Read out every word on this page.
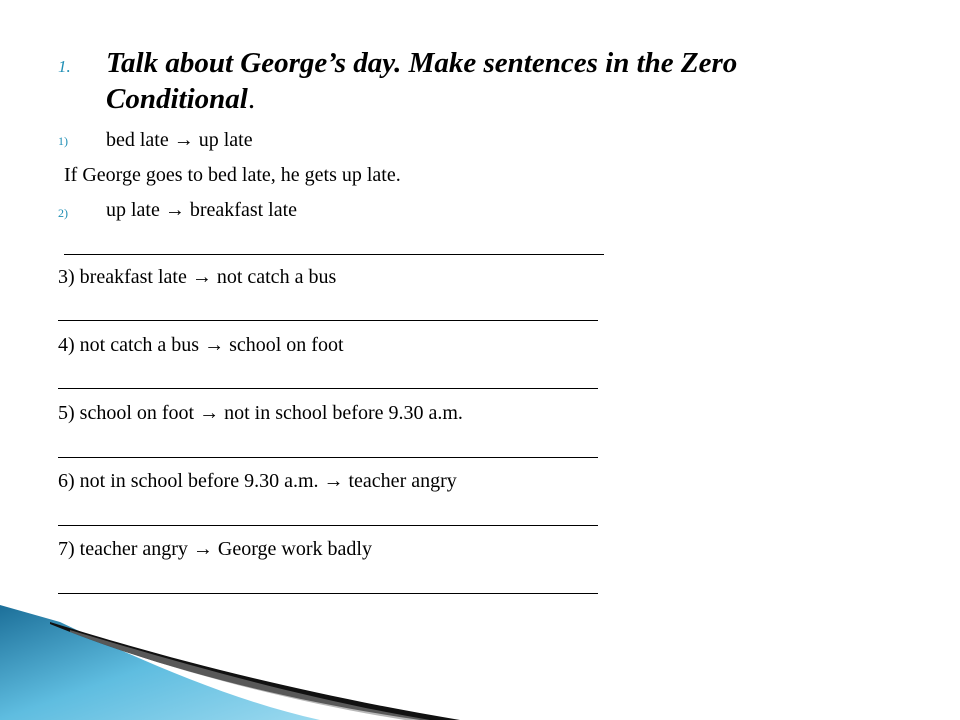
1. Talk about George’s day. Make sentences in the Zero Conditional.
1) bed late → up late
If George goes to bed late, he gets up late.
2) up late → breakfast late
3) breakfast late → not catch a bus
4) not catch a bus → school on foot
5) school on foot → not in school before 9.30 a.m.
6) not in school before 9.30 a.m. → teacher angry
7) teacher angry → George work badly
